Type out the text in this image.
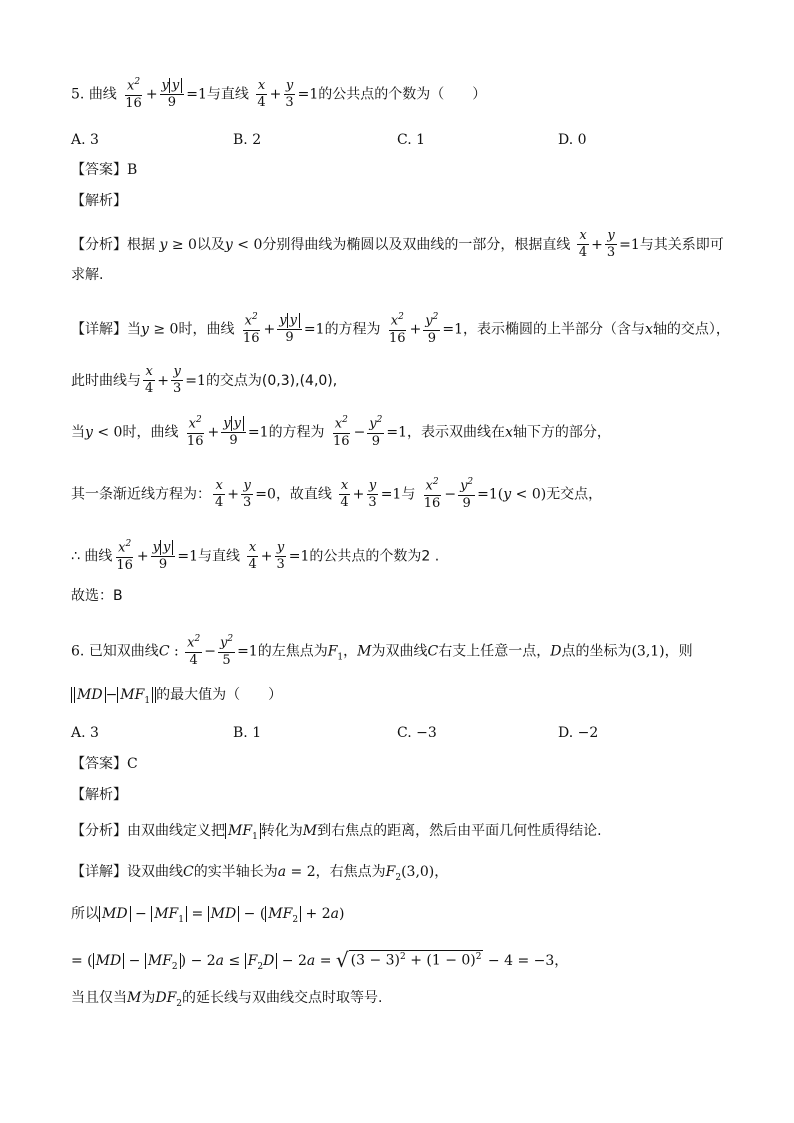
5. 曲线 $\frac{x^2}{16} + \frac{\text{y y}}{9} =1$与直线 $\frac{x}{4} + \frac{y}{3} =1$的公共点的个数为（　　）
A. 3	B. 2	C. 1	D. 0
【答案】B
【解析】
【分析】根据 y ≥ 0以及y < 0分别得曲线为椭圆以及双曲线的一部分，根据直线 $\frac{x}{4} + \frac{y}{3} =1$与其关系即可
求解.
【详解】当y ≥ 0时，曲线 $\frac{x^2}{16} + \frac{\text{y y}}{9} =1$的方程为 $\frac{x^2}{16} + \frac{y^2}{9} =1$，表示椭圆的上半部分（含与x轴的交点），
此时曲线与 $\frac{x}{4} + \frac{y}{3} =1$的交点为(0,3),(4,0),
当y < 0时，曲线 $\frac{x^2}{16} + \frac{\text{y y}}{9} =1$的方程为 $\frac{x^2}{16} - \frac{y^2}{9} =1$，表示双曲线在x轴下方的部分，
其一条渐近线方程为： $\frac{x}{4} + \frac{y}{3} =0$，故直线 $\frac{x}{4} + \frac{y}{3} =1$与 $\frac{x^2}{16} - \frac{y^2}{9} =1(y < 0)$无交点，
∴ 曲线 $\frac{x^2}{16} + \frac{\text{y y}}{9} =1$与直线 $\frac{x}{4} + \frac{y}{3} =1$的公共点的个数为2 .
故选：B
6. 已知双曲线C : $\frac{x^2}{4} - \frac{y^2}{5} =1$的左焦点为$F_1$，M为双曲线C右支上任意一点，D点的坐标为(3,1)，则
MD − $MF_1$ 的最大值为（　　）
A. 3	B. 1	C. −3	D. −2
【答案】C
【解析】
【分析】由双曲线定义把 $MF_1$ 转化为M到右焦点的距离，然后由平面几何性质得结论.
【详解】设双曲线C的实半轴长为a = 2，右焦点为$F_2(3,0)$，
所以 MD − $MF_1$ = MD − ( $MF_2 + 2a$)
= ( MD − $MF_2$ ) − $2a \le F_2D - 2a$ = √ $(3 - 3)^2 + (1 - 0)^2 - 4 = -3$，
当且仅当M为$DF_2$的延长线与双曲线交点时取等号.
